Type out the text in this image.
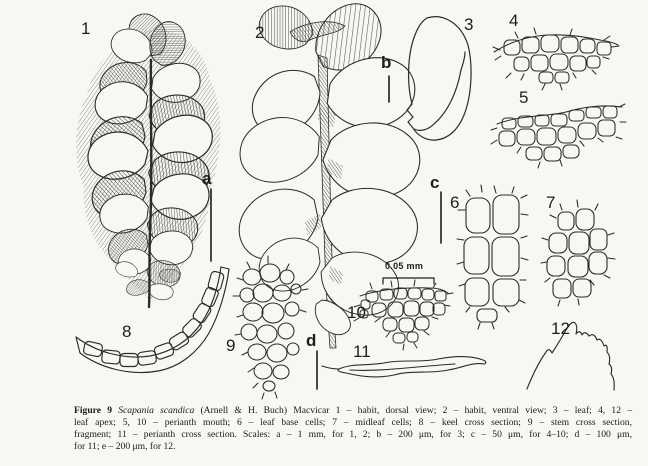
1	2	3 4
5
6	7
8
9
10
11
12
a
b
c
d
0.05 mm
Figure 9 Scapania scandica (Arnell & H. Buch) Macvicar 1 – habit, dorsal view; 2 – habit, ventral view; 3 – leaf; 4, 12 –
leaf apex; 5, 10 – perianth mouth; 6 – leaf base cells; 7 – midleaf cells; 8 – keel cross section; 9 – stem cross section,
fragment; 11 – perianth cross section. Scales: a – 1 mm, for 1, 2; b – 200 μm, for 3; c – 50 μm, for 4–10; d – 100 μm,
for 11; e – 200 μm, for 12.
